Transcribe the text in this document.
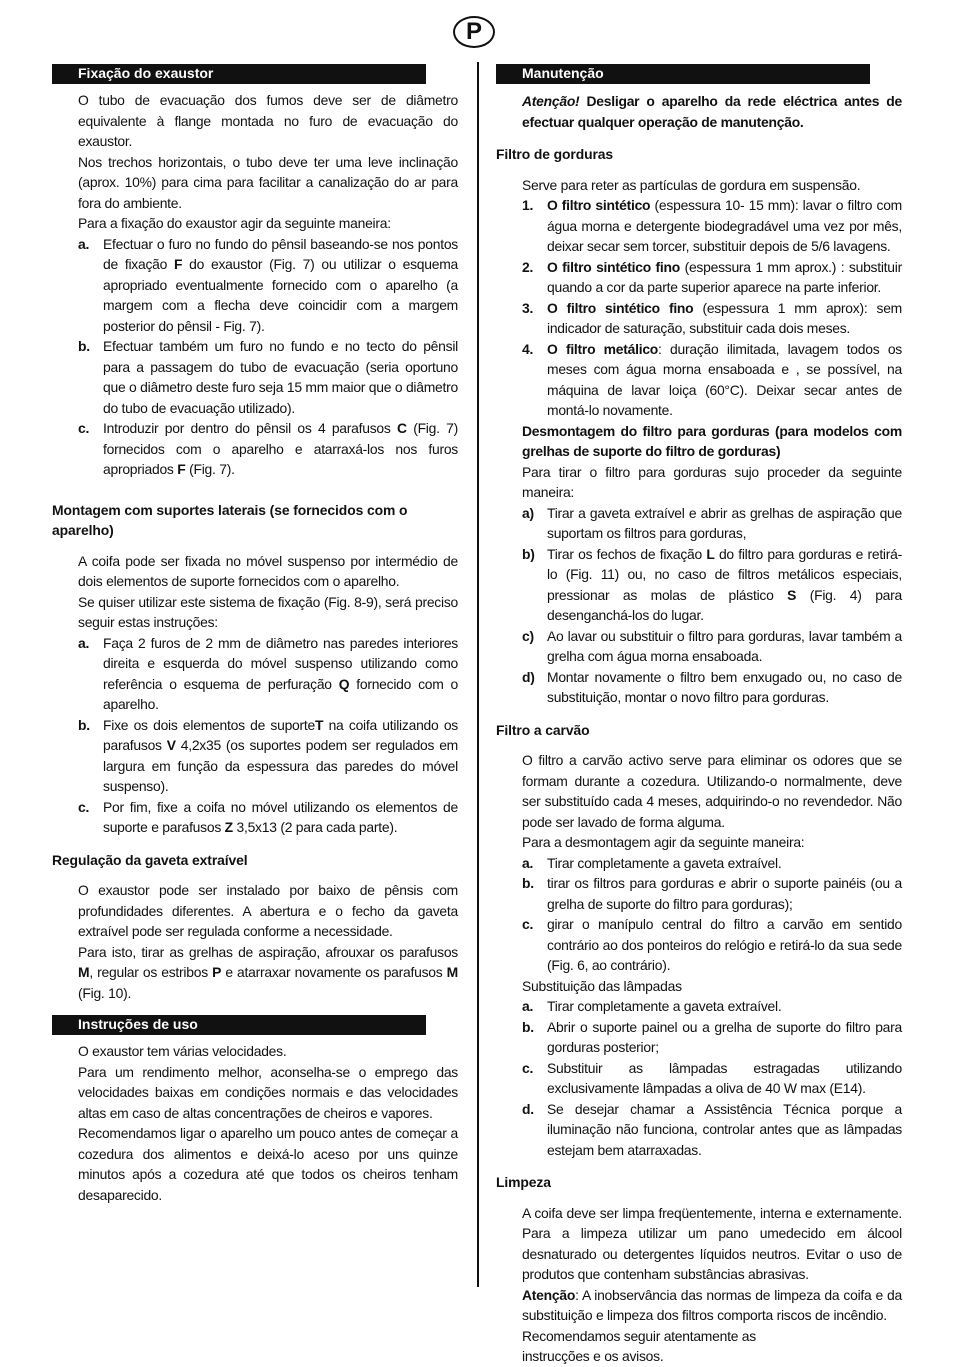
P
Fixação do exaustor
O tubo de evacuação dos fumos deve ser de diâmetro equivalente à flange montada no furo de evacuação do exaustor.
Nos trechos horizontais, o tubo deve ter uma leve inclinação (aprox. 10%) para cima para facilitar a canalização do ar para fora do ambiente.
Para a fixação do exaustor agir da seguinte maneira:
a.	Efectuar o furo no fundo do pênsil baseando-se nos pontos de fixação F do exaustor (Fig. 7) ou utilizar o esquema apropriado eventualmente fornecido com o aparelho (a margem com a flecha deve coincidir com a margem posterior do pênsil - Fig. 7).
b. Efectuar também um furo no fundo e no tecto do pênsil para a passagem do tubo de evacuação (seria oportuno que o diâmetro deste furo seja 15 mm maior que o diâmetro do tubo de evacuação utilizado).
c.	Introduzir por dentro do pênsil os 4 parafusos C (Fig. 7) fornecidos com o aparelho e atarraxá-los nos furos apropriados F (Fig. 7).
Montagem com suportes laterais (se fornecidos com o aparelho)
A coifa pode ser fixada no móvel suspenso por intermédio de dois elementos de suporte fornecidos com o aparelho.
Se quiser utilizar este sistema de fixação (Fig. 8-9), será preciso seguir estas instruções:
a.	Faça 2 furos de 2 mm de diâmetro nas paredes interiores direita e esquerda do móvel suspenso utilizando como referência o esquema de perfuração Q fornecido com o aparelho.
b. Fixe os dois elementos de suporteT na coifa utilizando os parafusos V 4,2x35 (os suportes podem ser regulados em largura em função da espessura das paredes do móvel suspenso).
c.	Por fim, fixe a coifa no móvel utilizando os elementos de suporte e parafusos Z 3,5x13 (2 para cada parte).
Regulação da gaveta extraível
O exaustor pode ser instalado por baixo de pênsis com profundidades diferentes. A abertura e o fecho da gaveta extraível pode ser regulada conforme a necessidade.
Para isto, tirar as grelhas de aspiração, afrouxar os parafusos M, regular os estribos P e atarraxar novamente os parafusos M (Fig. 10).
Instruções de uso
O exaustor tem várias velocidades.
Para um rendimento melhor, aconselha-se o emprego das velocidades baixas em condições normais e das velocidades altas em caso de altas concentrações de cheiros e vapores.
Recomendamos ligar o aparelho um pouco antes de começar a cozedura dos alimentos e deixá-lo aceso por uns quinze minutos após a cozedura até que todos os cheiros tenham desaparecido.
Manutenção
Atenção! Desligar o aparelho da rede eléctrica antes de efectuar qualquer operação de manutenção.
Filtro de gorduras
Serve para reter as partículas de gordura em suspensão.
1.	O filtro sintético (espessura 10- 15 mm): lavar o filtro com água morna e detergente biodegradável uma vez por mês, deixar secar sem torcer, substituir depois de 5/6 lavagens.
2.	O filtro sintético fino (espessura 1 mm aprox.) : substituir quando a cor da parte superior aparece na parte inferior.
3.	O filtro sintético fino (espessura 1 mm aprox): sem indicador de saturação, substituir cada dois meses.
4.	O filtro metálico: duração ilimitada, lavagem todos os meses com água morna ensaboada e , se possível, na máquina de lavar loiça (60°C). Deixar secar antes de montá-lo novamente.
Desmontagem do filtro para gorduras (para modelos com grelhas de suporte do filtro de gorduras)
Para tirar o filtro para gorduras sujo proceder da seguinte maneira:
a) Tirar a gaveta extraível e abrir as grelhas de aspiração que suportam os filtros para gorduras,
b) Tirar os fechos de fixação L do filtro para gorduras e retirá-lo (Fig. 11) ou, no caso de filtros metálicos especiais, pressionar as molas de plástico S (Fig. 4) para desenganchá-los do lugar.
c) Ao lavar ou substituir o filtro para gorduras, lavar também a grelha com água morna ensaboada.
d) Montar novamente o filtro bem enxugado ou, no caso de substituição, montar o novo filtro para gorduras.
Filtro a carvão
O filtro a carvão activo serve para eliminar os odores que se formam durante a cozedura. Utilizando-o normalmente, deve ser substituído cada 4 meses, adquirindo-o no revendedor. Não pode ser lavado de forma alguma.
Para a desmontagem agir da seguinte maneira:
a.	Tirar completamente a gaveta extraível.
b. tirar os filtros para gorduras e abrir o suporte painéis (ou a grelha de suporte do filtro para gorduras);
c.	girar o manípulo central do filtro a carvão em sentido contrário ao dos ponteiros do relógio e retirá-lo da sua sede (Fig. 6, ao contrário).
Substituição das lâmpadas
a.	Tirar completamente a gaveta extraível.
b. Abrir o suporte painel ou a grelha de suporte do filtro para gorduras posterior;
c.	Substituir as lâmpadas estragadas utilizando exclusivamente lâmpadas a oliva de 40 W max (E14).
d. Se desejar chamar a Assistência Técnica porque a iluminação não funciona, controlar antes que as lâmpadas estejam bem atarraxadas.
Limpeza
A coifa deve ser limpa freqüentemente, interna e externamente. Para a limpeza utilizar um pano umedecido em álcool desnaturado ou detergentes líquidos neutros. Evitar o uso de produtos que contenham substâncias abrasivas.
Atenção: A inobservância das normas de limpeza da coifa e da substituição e limpeza dos filtros comporta riscos de incêndio.
Recomendamos seguir atentamente as
instrucções e os avisos.
